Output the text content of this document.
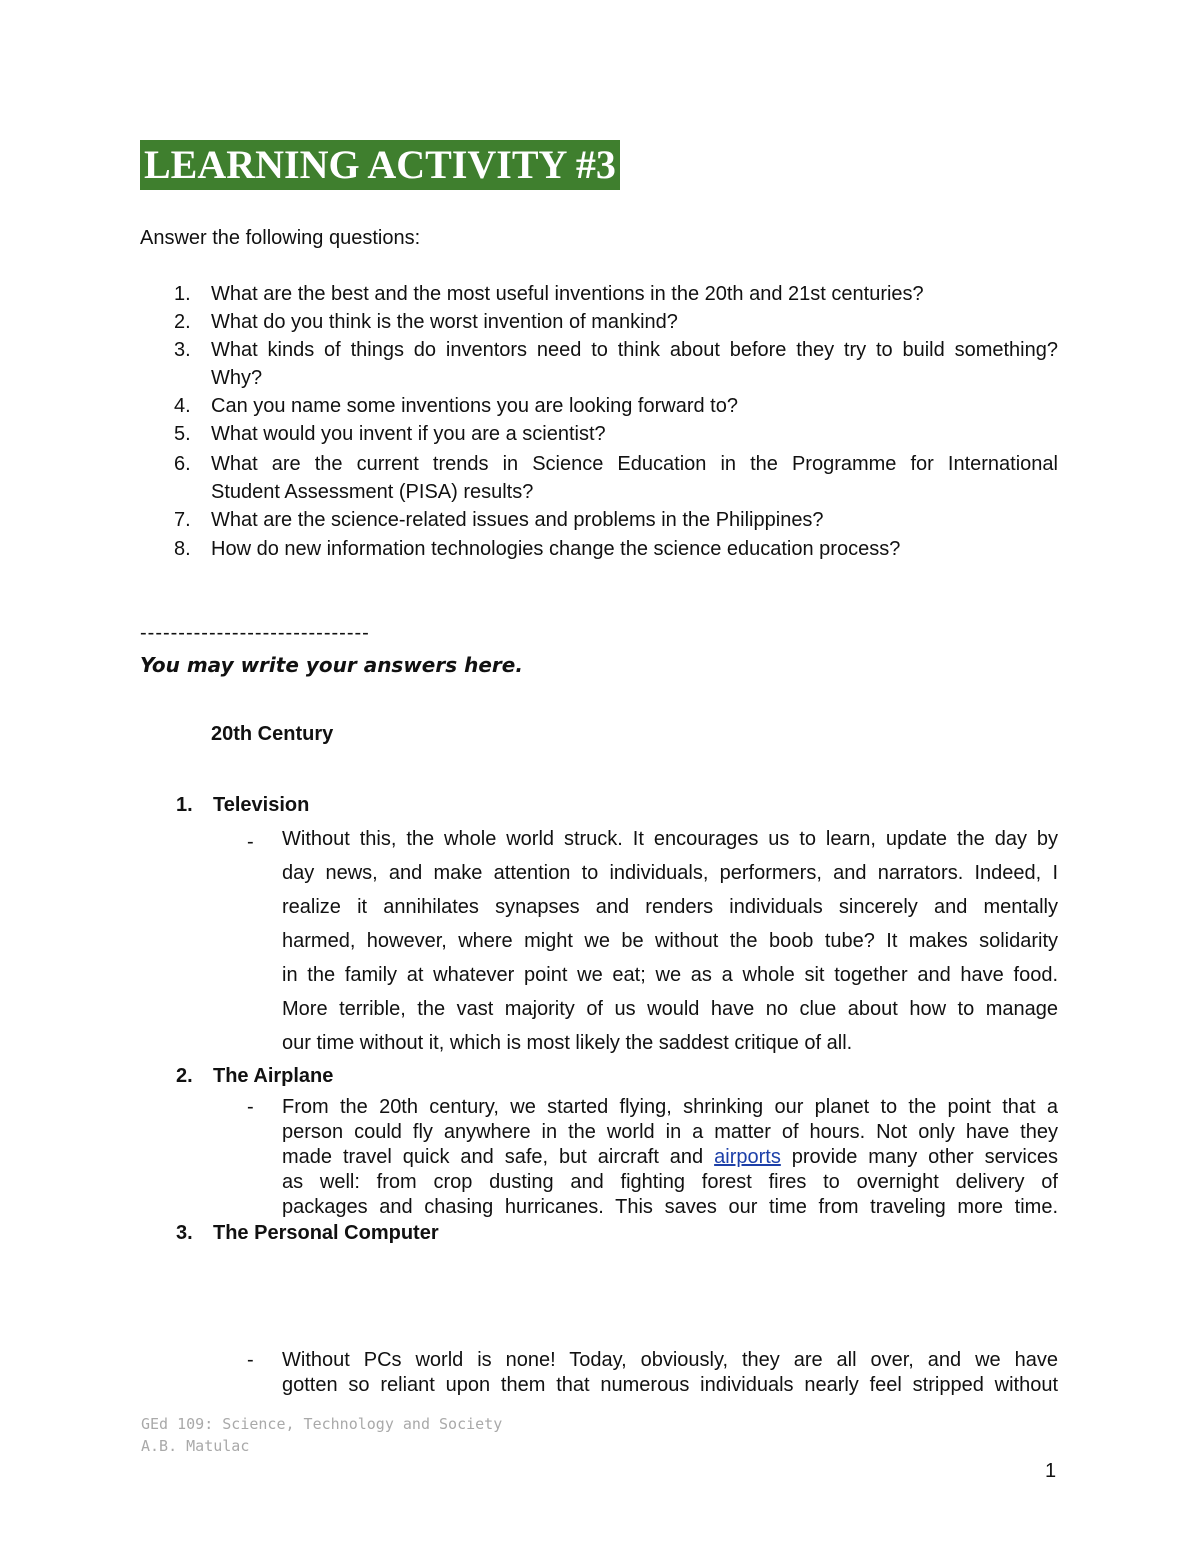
LEARNING ACTIVITY #3
Answer the following questions:
1.	What are the best and the most useful inventions in the 20th and 21st centuries?
2.	What do you think is the worst invention of mankind?
3.	What kinds of things do inventors need to think about before they try to build something?
Why?
4.	Can you name some inventions you are looking forward to?
5.	What would you invent if you are a scientist?
6.	What are the current trends in Science Education in the Programme for International
Student Assessment (PISA) results?
7.	What are the science-related issues and problems in the Philippines?
8.	How do new information technologies change the science education process?
------------------------------
You may write your answers here.
20th Century
1. Television
- Without this, the whole world struck. It encourages us to learn, update the day by
day news, and make attention to individuals, performers, and narrators. Indeed, I
realize it annihilates synapses and renders individuals sincerely and mentally
harmed, however, where might we be without the boob tube? It makes solidarity
in the family at whatever point we eat; we as a whole sit together and have food.
More terrible, the vast majority of us would have no clue about how to manage
our time without it, which is most likely the saddest critique of all.
2. The Airplane
- From the 20th century, we started flying, shrinking our planet to the point that a
person could fly anywhere in the world in a matter of hours. Not only have they
made travel quick and safe, but aircraft and airports provide many other services
as well: from crop dusting and fighting forest fires to overnight delivery of
packages and chasing hurricanes. This saves our time from traveling more time.
3. The Personal Computer
- Without PCs world is none! Today, obviously, they are all over, and we have
gotten so reliant upon them that numerous individuals nearly feel stripped without
GEd 109: Science, Technology and Society
A.B. Matulac
1
